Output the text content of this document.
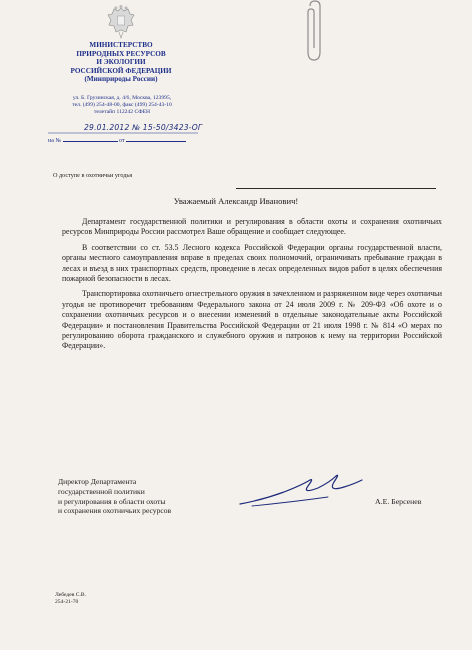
МИНИСТЕРСТВО
ПРИРОДНЫХ РЕСУРСОВ
И ЭКОЛОГИИ
РОССИЙСКОЙ ФЕДЕРАЦИИ
(Минприроды России)
ул. Б. Грузинская, д. 4/6, Москва, 123995,
тел. (499) 254-48-00, факс (499) 254-43-10
телетайп 112242 СФЕН
29.01.2012 № 15-50/3423-ОГ
на №	от
О доступе в охотничьи угодья
Уважаемый Александр Иванович!

Департамент государственной политики и регулирования в области охоты и сохранения охотничьих ресурсов Минприроды России рассмотрел Ваше обращение и сообщает следующее.

В соответствии со ст. 53.5 Лесного кодекса Российской Федерации органы государственной власти, органы местного самоуправления вправе в пределах своих полномочий, ограничивать пребывание граждан в лесах и въезд в них транспортных средств, проведение в лесах определенных видов работ в целях обеспечения пожарной безопасности в лесах.

Транспортировка охотничьего огнестрельного оружия в зачехленном и разряженном виде через охотничьи угодья не противоречит требованиям Федерального закона от 24 июля 2009 г. № 209-ФЗ «Об охоте и о сохранении охотничьих ресурсов и о внесении изменений в отдельные законодательные акты Российской Федерации» и постановления Правительства Российской Федерации от 21 июля 1998 г. № 814 «О мерах по регулированию оборота гражданского и служебного оружия и патронов к нему на территории Российской Федерации».

Директор Департамента
государственной политики
и регулирования в области охоты
и сохранения охотничьих ресурсов
А.Е. Берсенев
Лебедев С.В.
254-21-70
